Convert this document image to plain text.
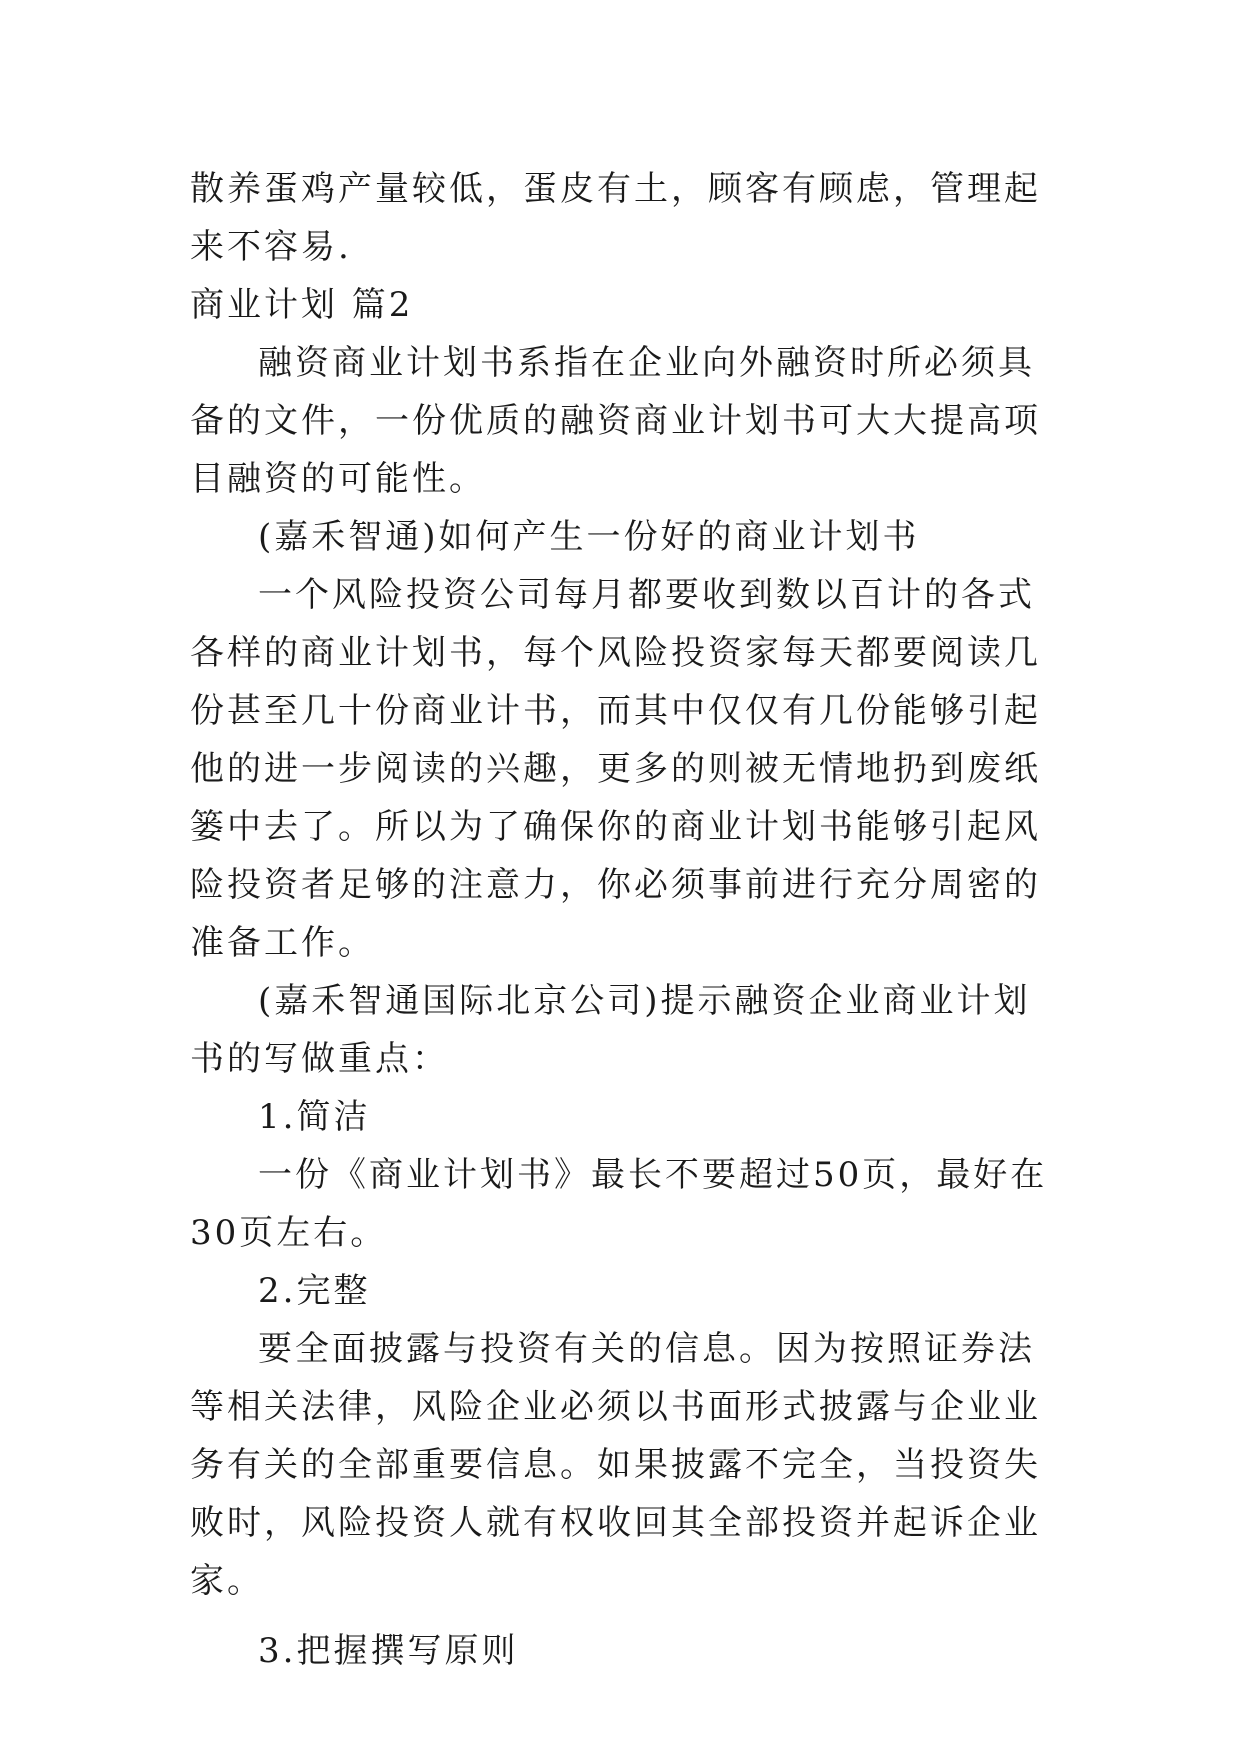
散养蛋鸡产量较低，蛋皮有土，顾客有顾虑，管理起来不容易.

商业计划 篇2

融资商业计划书系指在企业向外融资时所必须具备的文件，一份优质的融资商业计划书可大大提高项目融资的可能性。

(嘉禾智通)如何产生一份好的商业计划书

一个风险投资公司每月都要收到数以百计的各式各样的商业计划书，每个风险投资家每天都要阅读几份甚至几十份商业计书，而其中仅仅有几份能够引起他的进一步阅读的兴趣，更多的则被无情地扔到废纸篓中去了。所以为了确保你的商业计划书能够引起风险投资者足够的注意力，你必须事前进行充分周密的准备工作。

(嘉禾智通国际北京公司)提示融资企业商业计划书的写做重点：

1.简洁

一份《商业计划书》最长不要超过50页，最好在30页左右。

2.完整

要全面披露与投资有关的信息。因为按照证券法等相关法律，风险企业必须以书面形式披露与企业业务有关的全部重要信息。如果披露不完全，当投资失败时，风险投资人就有权收回其全部投资并起诉企业家。

3.把握撰写原则
